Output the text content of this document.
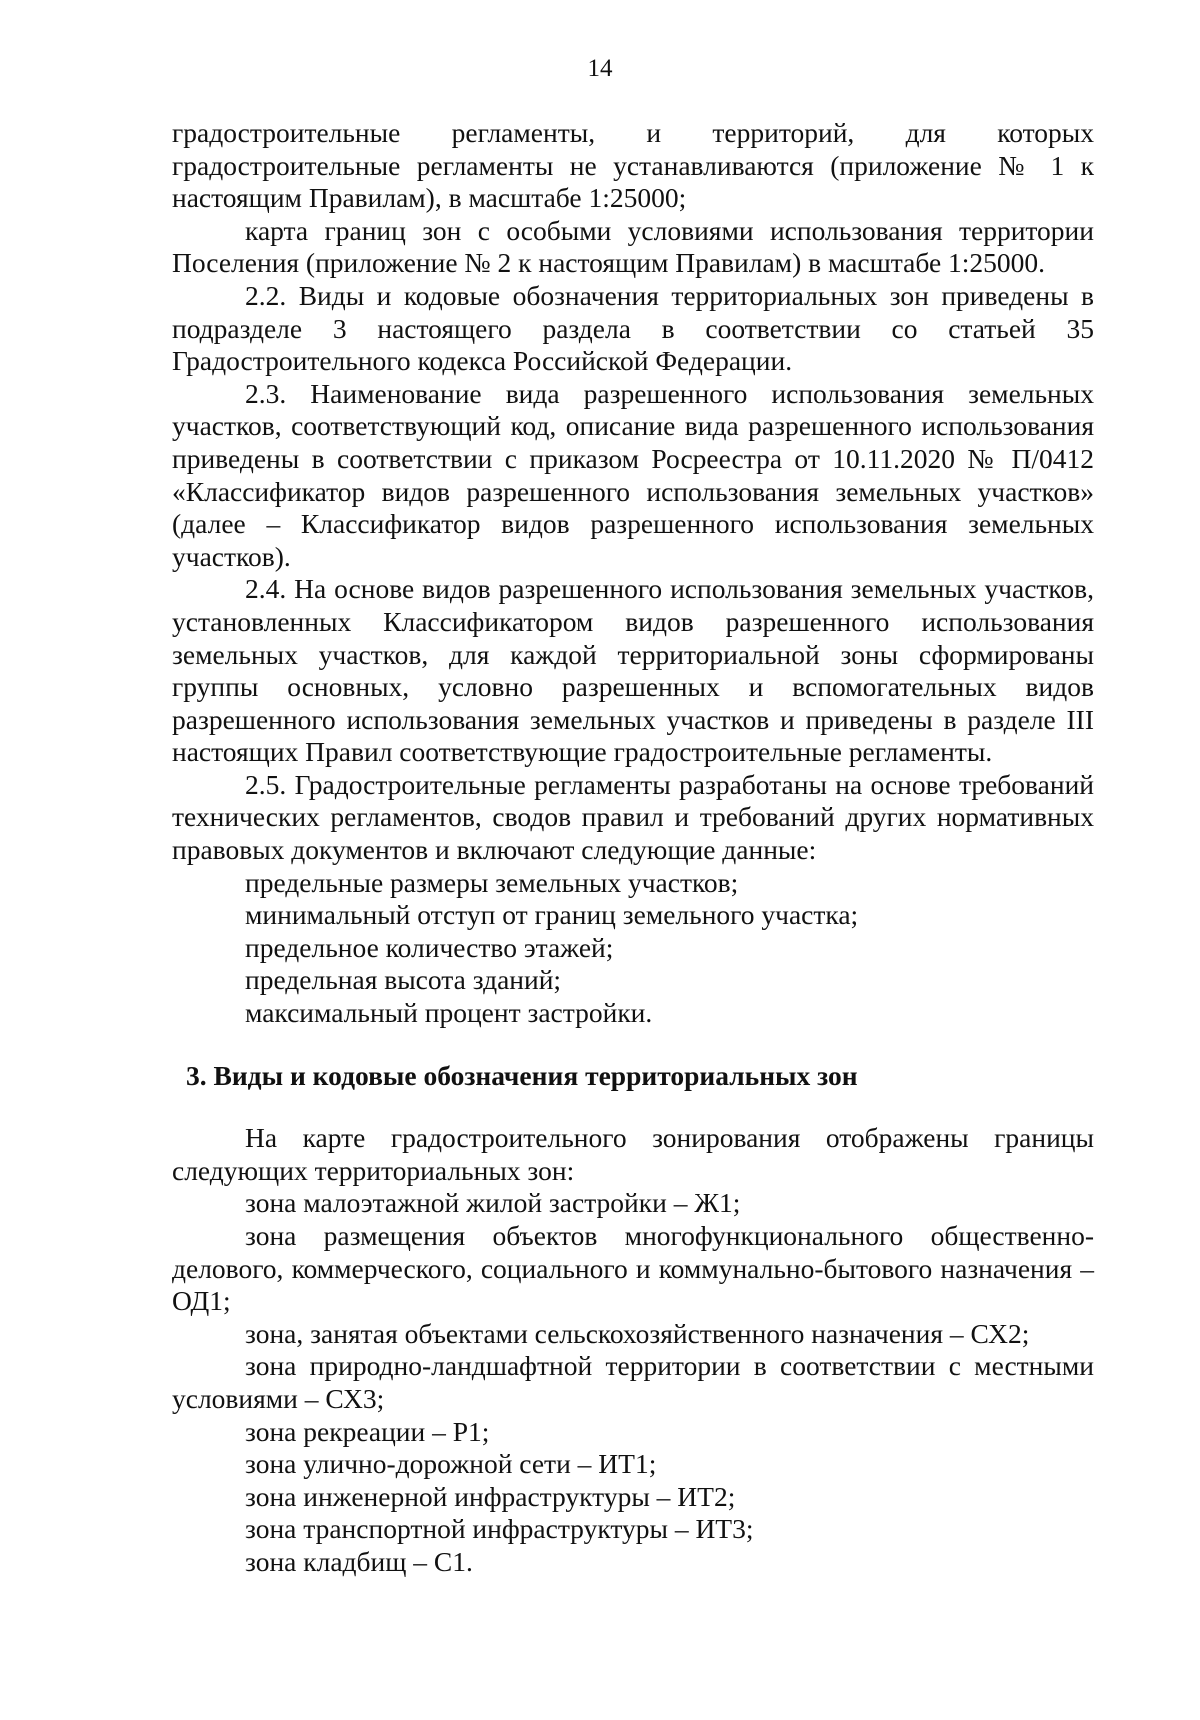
14

градостроительные регламенты, и территорий, для которых градостроительные регламенты не устанавливаются (приложение № 1 к настоящим Правилам), в масштабе 1:25000;

карта границ зон с особыми условиями использования территории Поселения (приложение № 2 к настоящим Правилам) в масштабе 1:25000.

2.2. Виды и кодовые обозначения территориальных зон приведены в подразделе 3 настоящего раздела в соответствии со статьей 35 Градостроительного кодекса Российской Федерации.

2.3. Наименование вида разрешенного использования земельных участков, соответствующий код, описание вида разрешенного использования приведены в соответствии с приказом Росреестра от 10.11.2020 № П/0412 «Классификатор видов разрешенного использования земельных участков» (далее – Классификатор видов разрешенного использования земельных участков).

2.4. На основе видов разрешенного использования земельных участков, установленных Классификатором видов разрешенного использования земельных участков, для каждой территориальной зоны сформированы группы основных, условно разрешенных и вспомогательных видов разрешенного использования земельных участков и приведены в разделе III настоящих Правил соответствующие градостроительные регламенты.

2.5. Градостроительные регламенты разработаны на основе требований технических регламентов, сводов правил и требований других нормативных правовых документов и включают следующие данные:

предельные размеры земельных участков;

минимальный отступ от границ земельного участка;

предельное количество этажей;

предельная высота зданий;

максимальный процент застройки.

3. Виды и кодовые обозначения территориальных зон

На карте градостроительного зонирования отображены границы следующих территориальных зон:

зона малоэтажной жилой застройки – Ж1;

зона размещения объектов многофункционального общественно-делового, коммерческого, социального и коммунально-бытового назначения – ОД1;

зона, занятая объектами сельскохозяйственного назначения – СХ2;

зона природно-ландшафтной территории в соответствии с местными условиями – СХ3;

зона рекреации – Р1;

зона улично-дорожной сети – ИТ1;

зона инженерной инфраструктуры – ИТ2;

зона транспортной инфраструктуры – ИТ3;

зона кладбищ – С1.
